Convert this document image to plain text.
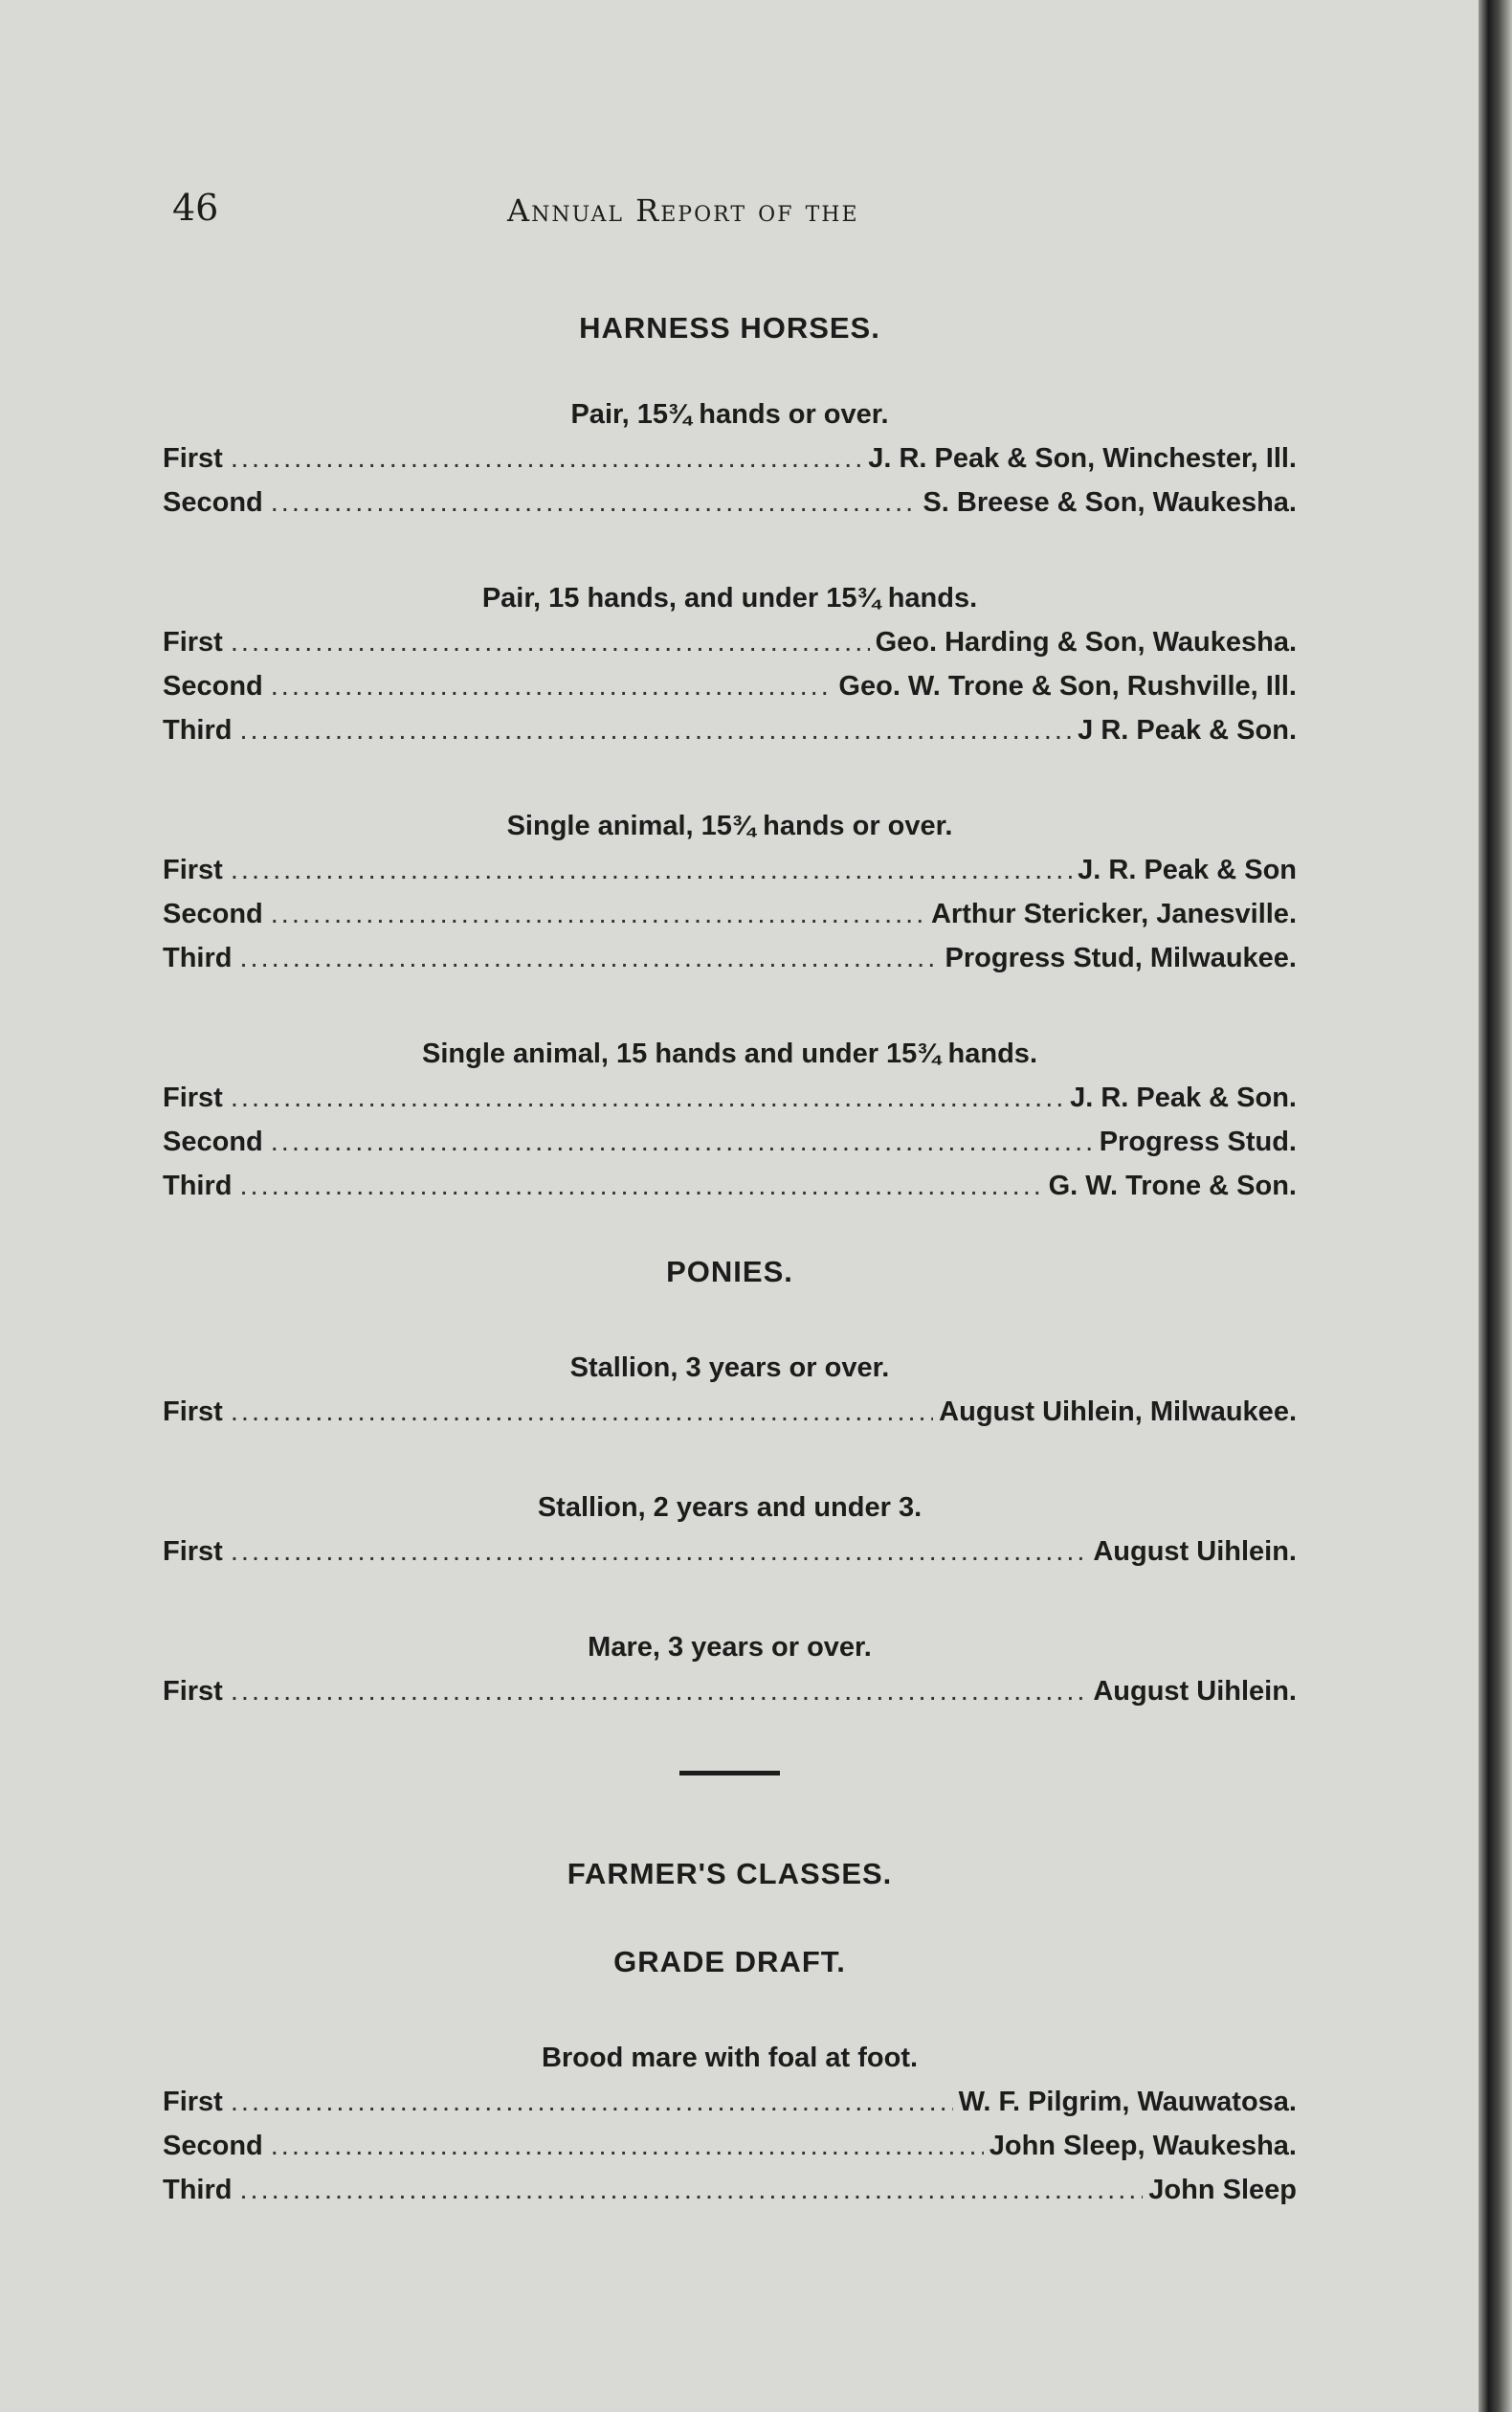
46	Annual Report of the
HARNESS HORSES.
Pair, 15¾ hands or over.
First .....	J. R. Peak & Son, Winchester, Ill.
Second .....	S. Breese & Son, Waukesha.
Pair, 15 hands, and under 15¾ hands.
First .....	Geo. Harding & Son, Waukesha.
Second .....	Geo. W. Trone & Son, Rushville, Ill.
Third .....	J R. Peak & Son.
Single animal, 15¾ hands or over.
First .....	J. R. Peak & Son
Second .....	Arthur Stericker, Janesville.
Third .....	Progress Stud, Milwaukee.
Single animal, 15 hands and under 15¾ hands.
First .....	J. R. Peak & Son.
Second .....	Progress Stud.
Third .....	G. W. Trone & Son.
PONIES.
Stallion, 3 years or over.
First .....	August Uihlein, Milwaukee.
Stallion, 2 years and under 3.
First .....	August Uihlein.
Mare, 3 years or over.
First .....	August Uihlein.
FARMER'S CLASSES.
GRADE DRAFT.
Brood mare with foal at foot.
First .....	W. F. Pilgrim, Wauwatosa.
Second .....	John Sleep, Waukesha.
Third .....	John Sleep
